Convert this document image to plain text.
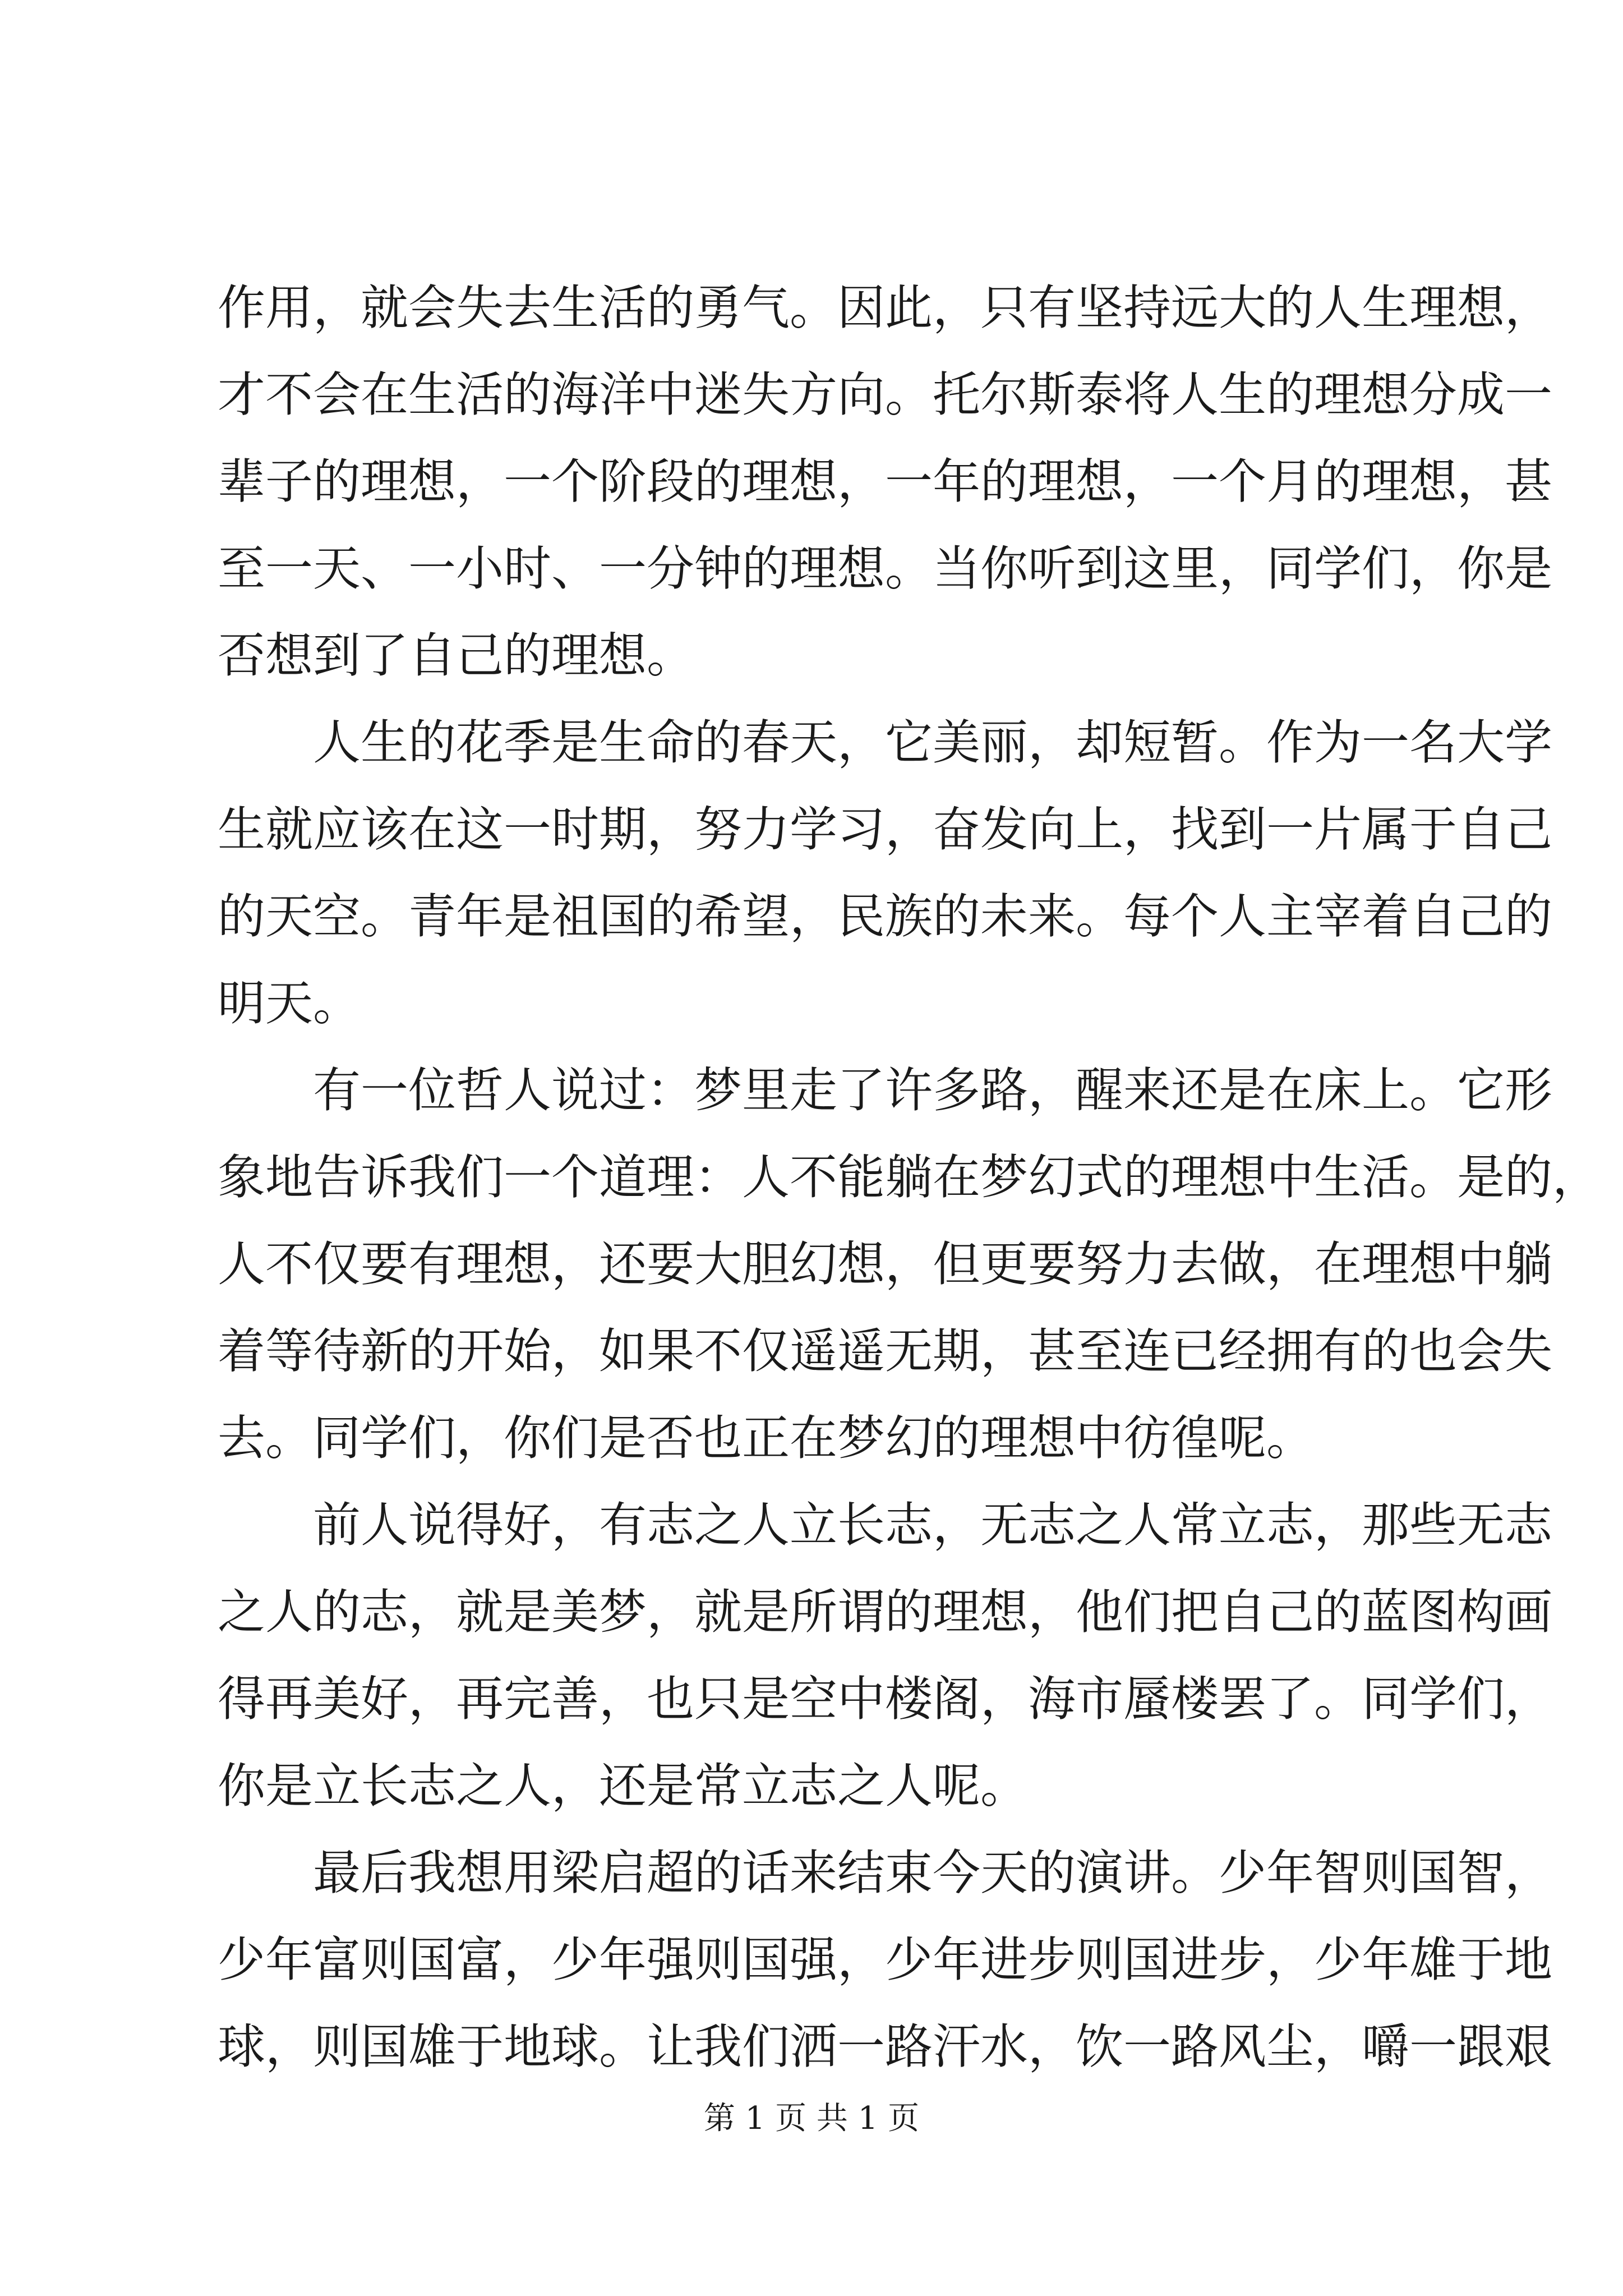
作用，就会失去生活的勇气。因此，只有坚持远大的人生理想，
才不会在生活的海洋中迷失方向。托尔斯泰将人生的理想分成一
辈子的理想，一个阶段的理想，一年的理想，一个月的理想，甚
至一天、一小时、一分钟的理想。当你听到这里，同学们，你是
否想到了自己的理想。
人生的花季是生命的春天，它美丽，却短暂。作为一名大学
生就应该在这一时期，努力学习，奋发向上，找到一片属于自己
的天空。青年是祖国的希望，民族的未来。每个人主宰着自己的
明天。
有一位哲人说过：梦里走了许多路，醒来还是在床上。它形
象地告诉我们一个道理：人不能躺在梦幻式的理想中生活。是的，
人不仅要有理想，还要大胆幻想，但更要努力去做，在理想中躺
着等待新的开始，如果不仅遥遥无期，甚至连已经拥有的也会失
去。同学们，你们是否也正在梦幻的理想中彷徨呢。
前人说得好，有志之人立长志，无志之人常立志，那些无志
之人的志，就是美梦，就是所谓的理想，他们把自己的蓝图构画
得再美好，再完善，也只是空中楼阁，海市蜃楼罢了。同学们，
你是立长志之人，还是常立志之人呢。
最后我想用梁启超的话来结束今天的演讲。少年智则国智，
少年富则国富，少年强则国强，少年进步则国进步，少年雄于地
球，则国雄于地球。让我们洒一路汗水，饮一路风尘，嚼一跟艰
第 1 页 共 1 页
